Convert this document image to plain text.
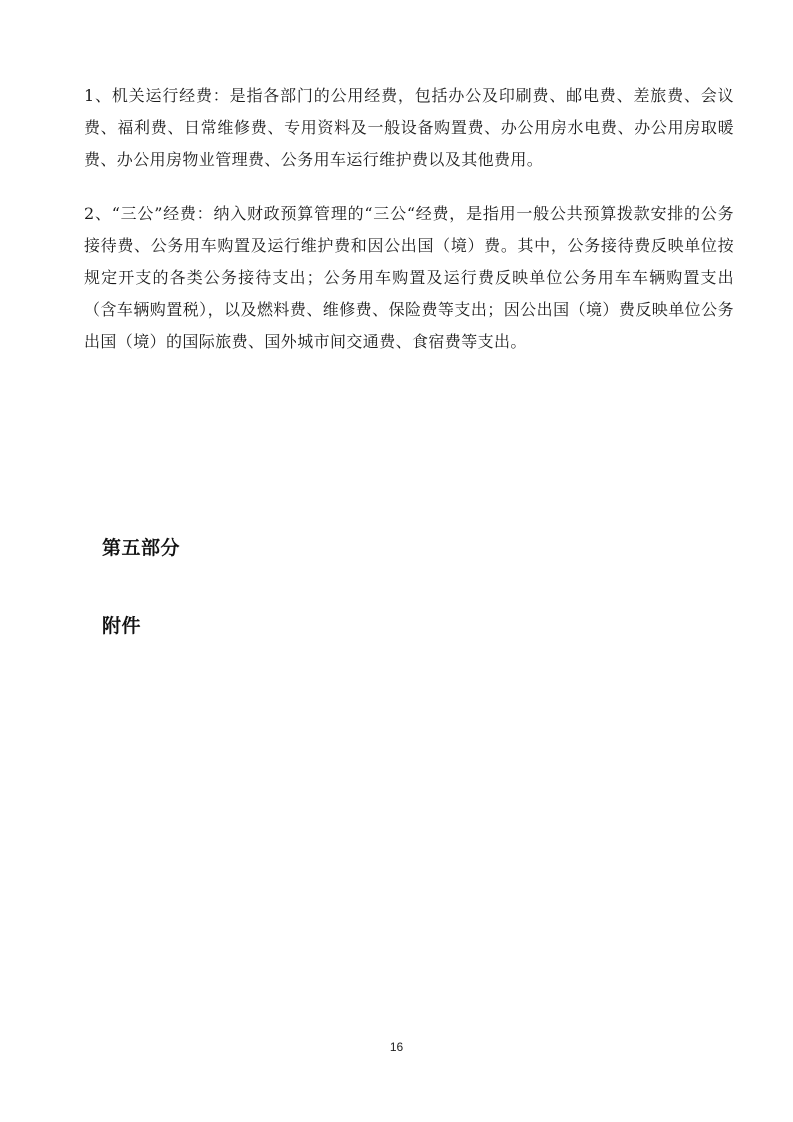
1、机关运行经费：是指各部门的公用经费，包括办公及印刷费、邮电费、差旅费、会议费、福利费、日常维修费、专用资料及一般设备购置费、办公用房水电费、办公用房取暖费、办公用房物业管理费、公务用车运行维护费以及其他费用。

2、“三公”经费：纳入财政预算管理的“三公“经费，是指用一般公共预算拨款安排的公务接待费、公务用车购置及运行维护费和因公出国（境）费。其中，公务接待费反映单位按规定开支的各类公务接待支出；公务用车购置及运行费反映单位公务用车车辆购置支出（含车辆购置税），以及燃料费、维修费、保险费等支出；因公出国（境）费反映单位公务出国（境）的国际旅费、国外城市间交通费、食宿费等支出。

第五部分
附件
16
